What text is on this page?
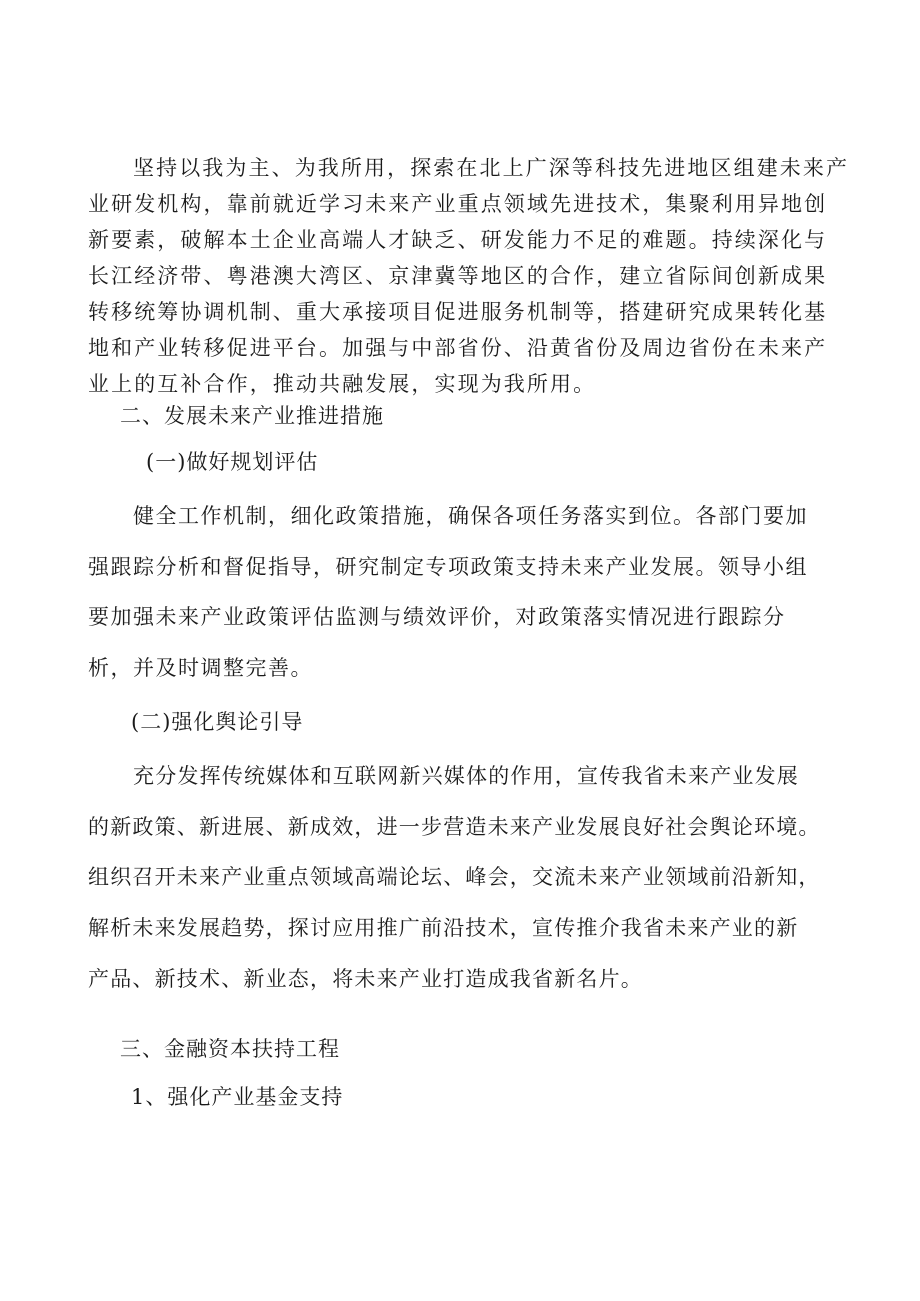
坚持以我为主、为我所用，探索在北上广深等科技先进地区组建未来产

业研发机构，靠前就近学习未来产业重点领域先进技术，集聚利用异地创

新要素，破解本土企业高端人才缺乏、研发能力不足的难题。持续深化与

长江经济带、粤港澳大湾区、京津冀等地区的合作，建立省际间创新成果

转移统筹协调机制、重大承接项目促进服务机制等，搭建研究成果转化基

地和产业转移促进平台。加强与中部省份、沿黄省份及周边省份在未来产

业上的互补合作，推动共融发展，实现为我所用。

二、发展未来产业推进措施

(一)做好规划评估

健全工作机制，细化政策措施，确保各项任务落实到位。各部门要加

强跟踪分析和督促指导，研究制定专项政策支持未来产业发展。领导小组

要加强未来产业政策评估监测与绩效评价，对政策落实情况进行跟踪分

析，并及时调整完善。

(二)强化舆论引导

充分发挥传统媒体和互联网新兴媒体的作用，宣传我省未来产业发展

的新政策、新进展、新成效，进一步营造未来产业发展良好社会舆论环境。

组织召开未来产业重点领域高端论坛、峰会，交流未来产业领域前沿新知，

解析未来发展趋势，探讨应用推广前沿技术，宣传推介我省未来产业的新

产品、新技术、新业态，将未来产业打造成我省新名片。

三、金融资本扶持工程

1、强化产业基金支持
